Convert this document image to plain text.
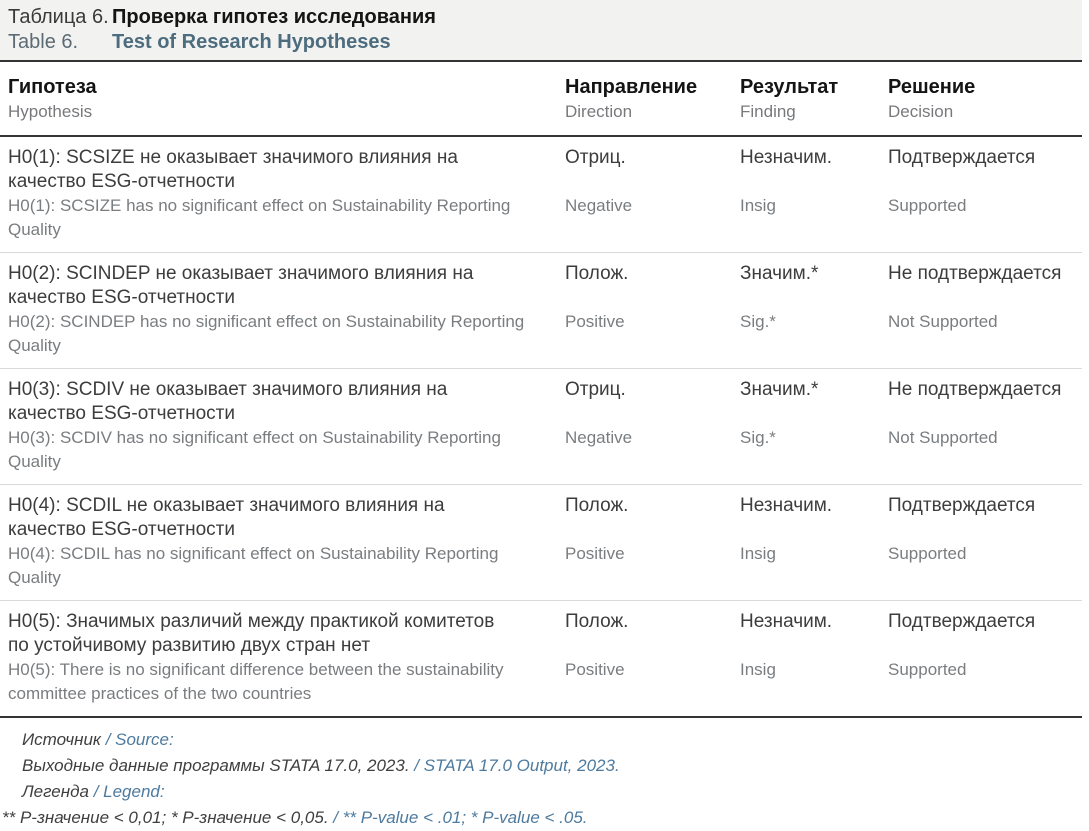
Таблица 6. Проверка гипотез исследования
Table 6. Test of Research Hypotheses
Гипотеза
Hypothesis
Направление
Direction
Результат
Finding
Решение
Decision
H0(1): SCSIZE не оказывает значимого влияния на качество ESG-отчетности
H0(1): SCSIZE has no significant effect on Sustainability Reporting Quality
Отриц.
Negative
Незначим.
Insig
Подтверждается
Supported
H0(2): SCINDEP не оказывает значимого влияния на качество ESG-отчетности
H0(2): SCINDEP has no significant effect on Sustainability Reporting Quality
Полож.
Positive
Значим.*
Sig.*
Не подтверждается
Not Supported
H0(3): SCDIV не оказывает значимого влияния на качество ESG-отчетности
H0(3): SCDIV has no significant effect on Sustainability Reporting Quality
Отриц.
Negative
Значим.*
Sig.*
Не подтверждается
Not Supported
H0(4): SCDIL не оказывает значимого влияния на качество ESG-отчетности
H0(4): SCDIL has no significant effect on Sustainability Reporting Quality
Полож.
Positive
Незначим.
Insig
Подтверждается
Supported
H0(5): Значимых различий между практикой комитетов по устойчивому развитию двух стран нет
H0(5): There is no significant difference between the sustainability committee practices of the two countries
Полож.
Positive
Незначим.
Insig
Подтверждается
Supported
Источник / Source:
Выходные данные программы STATA 17.0, 2023. / STATA 17.0 Output, 2023.
Легенда / Legend:
** P-значение < 0,01; * P-значение < 0,05. / ** P-value < .01; * P-value < .05.
